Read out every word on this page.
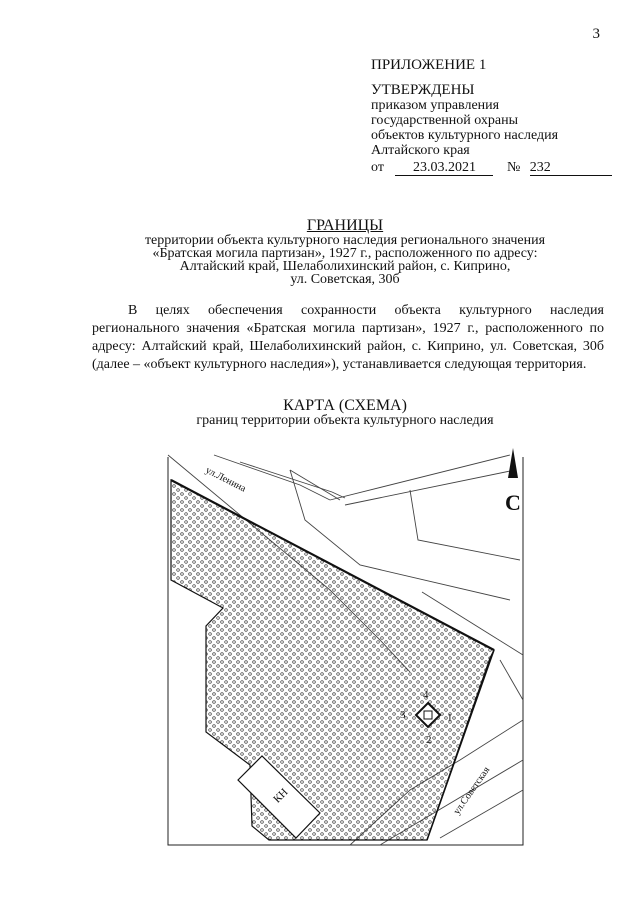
3
ПРИЛОЖЕНИЕ 1
УТВЕРЖДЕНЫ
приказом управления
государственной охраны
объектов культурного наследия
Алтайского края
от 23.03.2021 № 232
ГРАНИЦЫ
территории объекта культурного наследия регионального значения
«Братская могила партизан», 1927 г., расположенного по адресу:
Алтайский край, Шелаболихинский район, с. Киприно,
ул. Советская, 30б

В целях обеспечения сохранности объекта культурного наследия регионального значения «Братская могила партизан», 1927 г., расположенного по адресу: Алтайский край, Шелаболихинский район, с. Киприно, ул. Советская, 30б (далее – «объект культурного наследия»), устанавливается следующая территория.

КАРТА (СХЕМА)
границ территории объекта культурного наследия
КН
4
1
2
3
ул.Ленина
ул.Советская
С
